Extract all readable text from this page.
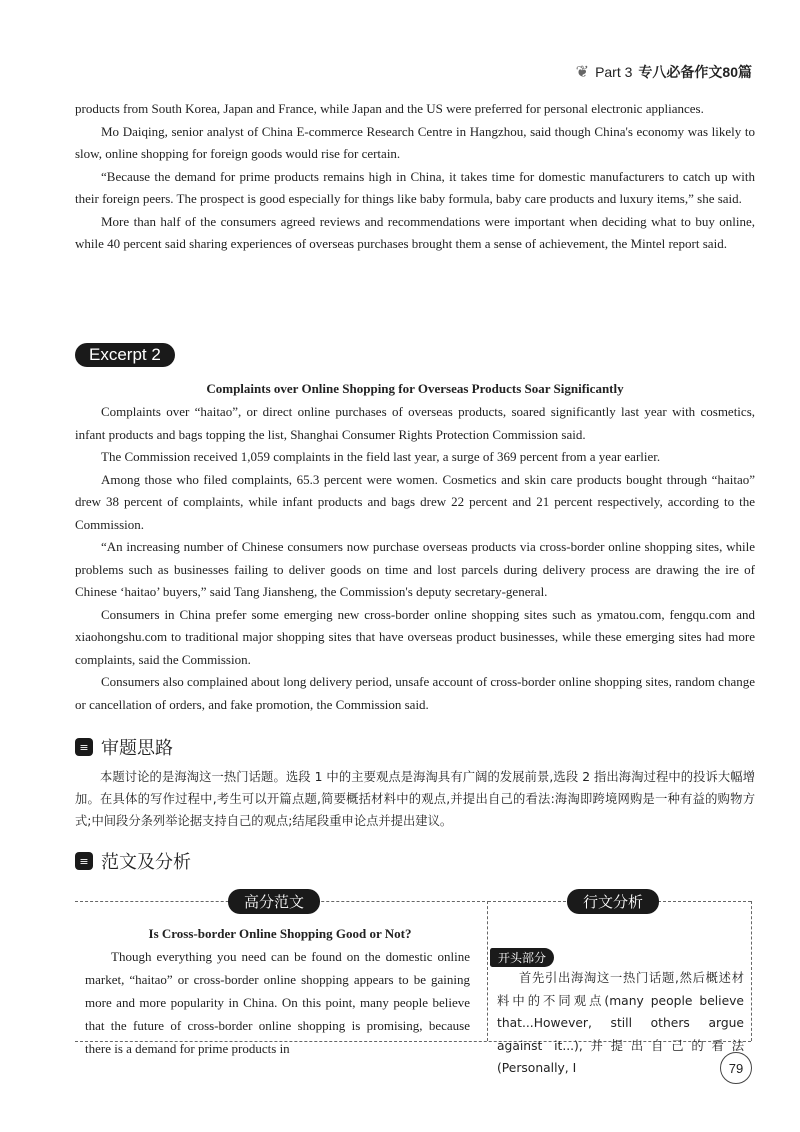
❦ Part 3 专八必备作文80篇

products from South Korea, Japan and France, while Japan and the US were preferred for personal electronic appliances.

Mo Daiqing, senior analyst of China E-commerce Research Centre in Hangzhou, said though China's economy was likely to slow, online shopping for foreign goods would rise for certain.

“Because the demand for prime products remains high in China, it takes time for domestic manufacturers to catch up with their foreign peers. The prospect is good especially for things like baby formula, baby care products and luxury items,” she said.

More than half of the consumers agreed reviews and recommendations were important when deciding what to buy online, while 40 percent said sharing experiences of overseas purchases brought them a sense of achievement, the Mintel report said.

Excerpt 2
Complaints over Online Shopping for Overseas Products Soar Significantly

Complaints over “haitao”, or direct online purchases of overseas products, soared significantly last year with cosmetics, infant products and bags topping the list, Shanghai Consumer Rights Protection Commission said.

The Commission received 1,059 complaints in the field last year, a surge of 369 percent from a year earlier.

Among those who filed complaints, 65.3 percent were women. Cosmetics and skin care products bought through “haitao” drew 38 percent of complaints, while infant products and bags drew 22 percent and 21 percent respectively, according to the Commission.

“An increasing number of Chinese consumers now purchase overseas products via cross-border online shopping sites, while problems such as businesses failing to deliver goods on time and lost parcels during delivery process are drawing the ire of Chinese ‘haitao’ buyers,” said Tang Jiansheng, the Commission's deputy secretary-general.

Consumers in China prefer some emerging new cross-border online shopping sites such as ymatou.com, fengqu.com and xiaohongshu.com to traditional major shopping sites that have overseas product businesses, while these emerging sites had more complaints, said the Commission.

Consumers also complained about long delivery period, unsafe account of cross-border online shopping sites, random change or cancellation of orders, and fake promotion, the Commission said.

≡ 审题思路
本题讨论的是海淘这一热门话题。选段 1 中的主要观点是海淘具有广阔的发展前景,选段 2 指出海淘过程中的投诉大幅增加。在具体的写作过程中,考生可以开篇点题,简要概括材料中的观点,并提出自己的看法:海淘即跨境网购是一种有益的购物方式;中间段分条列举论据支持自己的观点;结尾段重申论点并提出建议。
≡ 范文及分析
高分范文	行文分析
Is Cross-border Online Shopping Good or Not?
Though everything you need can be found on the domestic online market, “haitao” or cross-border online shopping appears to be gaining more and more popularity in China. On this point, many people believe that the future of cross-border online shopping is promising, because there is a demand for prime products in
开头部分
首先引出海淘这一热门话题,然后概述材料中的不同观点(many people believe that...However, still others argue against it...),并提出自己的看法(Personally, I	79
